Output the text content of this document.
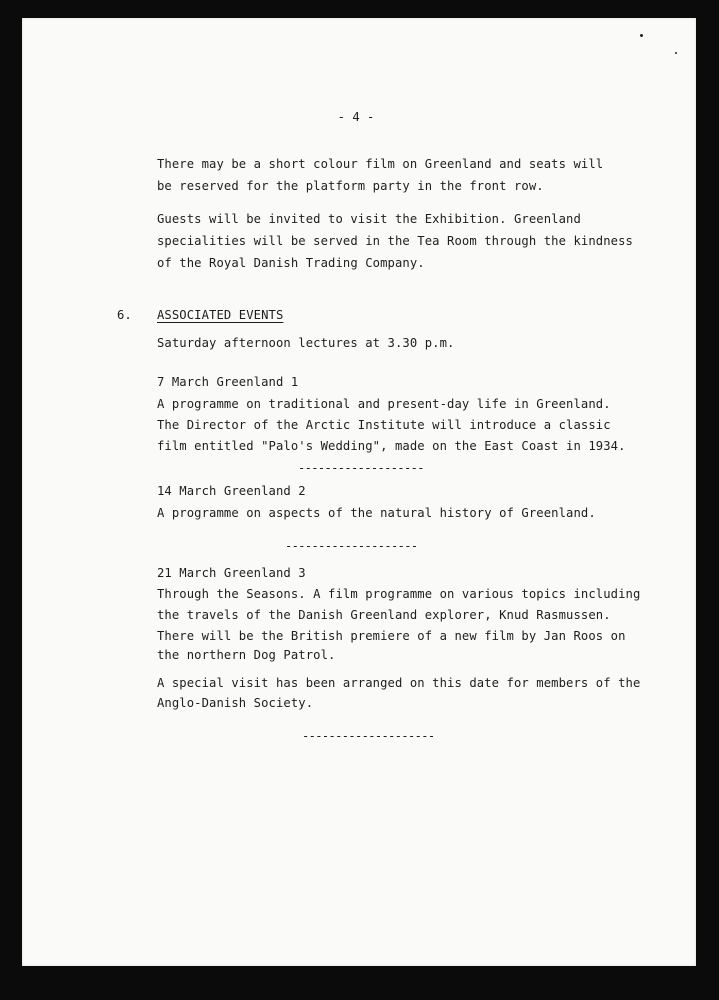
- 4 -
There may be a short colour film on Greenland and seats will
be reserved for the platform party in the front row.
Guests will be invited to visit the Exhibition. Greenland
specialities will be served in the Tea Room through the kindness
of the Royal Danish Trading Company.
6. ASSOCIATED EVENTS
Saturday afternoon lectures at 3.30 p.m.
7 March Greenland 1
A programme on traditional and present-day life in Greenland.
The Director of the Arctic Institute will introduce a classic
film entitled "Palo's Wedding", made on the East Coast in 1934.
-------------------
14 March Greenland 2
A programme on aspects of the natural history of Greenland.
--------------------
21 March Greenland 3
Through the Seasons. A film programme on various topics including
the travels of the Danish Greenland explorer, Knud Rasmussen.
There will be the British premiere of a new film by Jan Roos on
the northern Dog Patrol.
A special visit has been arranged on this date for members of the
Anglo-Danish Society.
--------------------
